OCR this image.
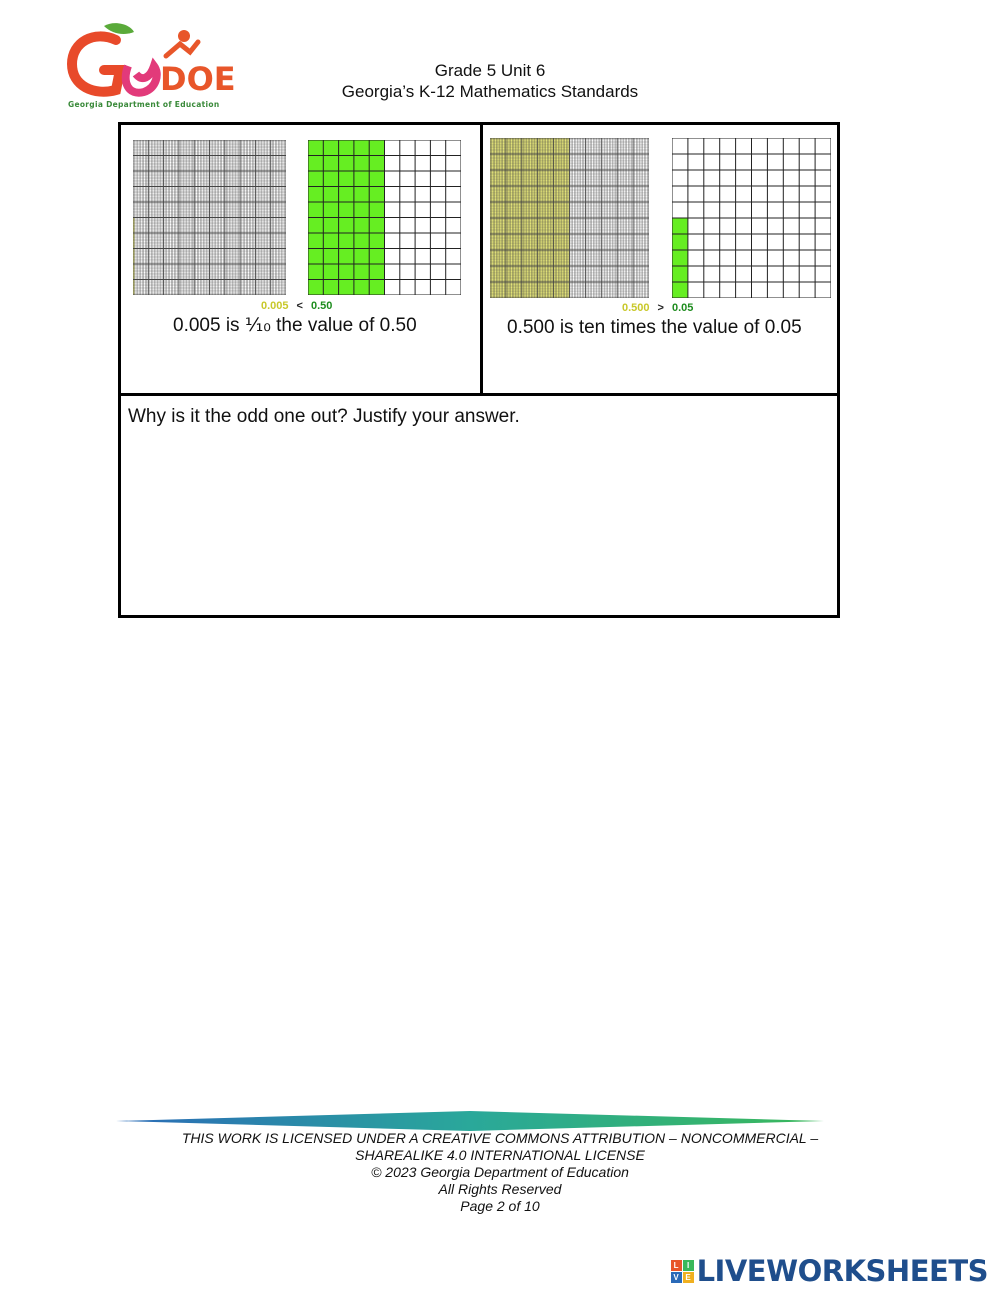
DOE
Georgia Department of Education
Grade 5 Unit 6
Georgia’s K-12 Mathematics Standards
0.005 < 0.50
0.005 is ⅒ the value of 0.50
0.500 > 0.05
0.500 is ten times the value of 0.05
Why is it the odd one out? Justify your answer.
THIS WORK IS LICENSED UNDER A CREATIVE COMMONS ATTRIBUTION – NONCOMMERCIAL –
SHAREALIKE 4.0 INTERNATIONAL LICENSE
© 2023 Georgia Department of Education
All Rights Reserved
Page 2 of 10
L	I
V E LIVEWORKSHEETS
